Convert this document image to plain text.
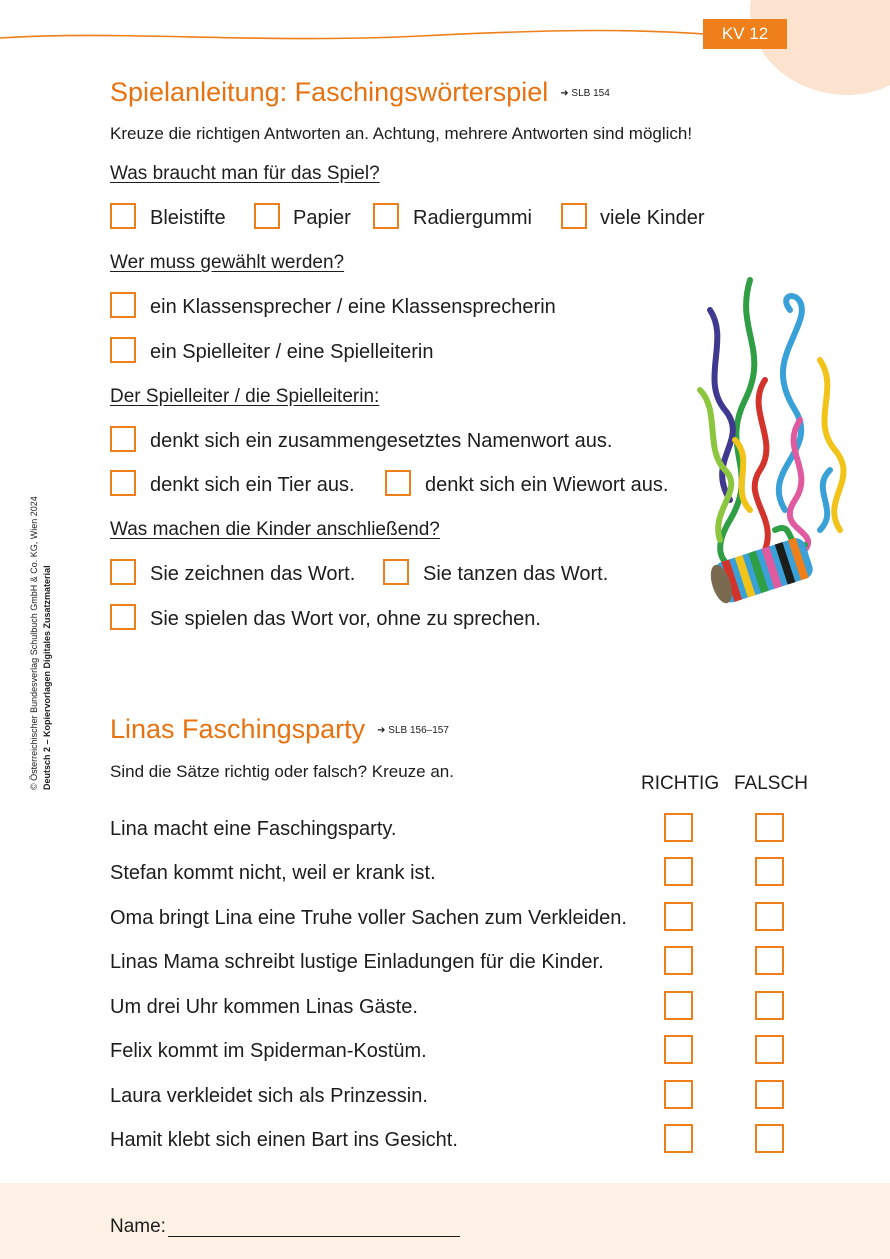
KV 12
© Österreichischer Bundesverlag Schulbuch GmbH & Co. KG, Wien 2024 Deutsch 2 – Kopiervorlagen Digitales Zusatzmaterial
Spielanleitung: Faschingswörterspiel ➜ SLB 154
Kreuze die richtigen Antworten an. Achtung, mehrere Antworten sind möglich!
Was braucht man für das Spiel?
Bleistifte	Papier	Radiergummi	viele Kinder
Wer muss gewählt werden?
ein Klassensprecher / eine Klassensprecherin
ein Spielleiter / eine Spielleiterin
Der Spielleiter / die Spielleiterin:
denkt sich ein zusammengesetztes Namenwort aus.
denkt sich ein Tier aus.	denkt sich ein Wiewort aus.
Was machen die Kinder anschließend?
Sie zeichnen das Wort.	Sie tanzen das Wort.
Sie spielen das Wort vor, ohne zu sprechen.
Linas Faschingsparty ➜ SLB 156–157
Sind die Sätze richtig oder falsch? Kreuze an.
RICHTIG FALSCH
Lina macht eine Faschingsparty.
Stefan kommt nicht, weil er krank ist.
Oma bringt Lina eine Truhe voller Sachen zum Verkleiden.
Linas Mama schreibt lustige Einladungen für die Kinder.
Um drei Uhr kommen Linas Gäste.
Felix kommt im Spiderman-Kostüm.
Laura verkleidet sich als Prinzessin.
Hamit klebt sich einen Bart ins Gesicht.
Name:
